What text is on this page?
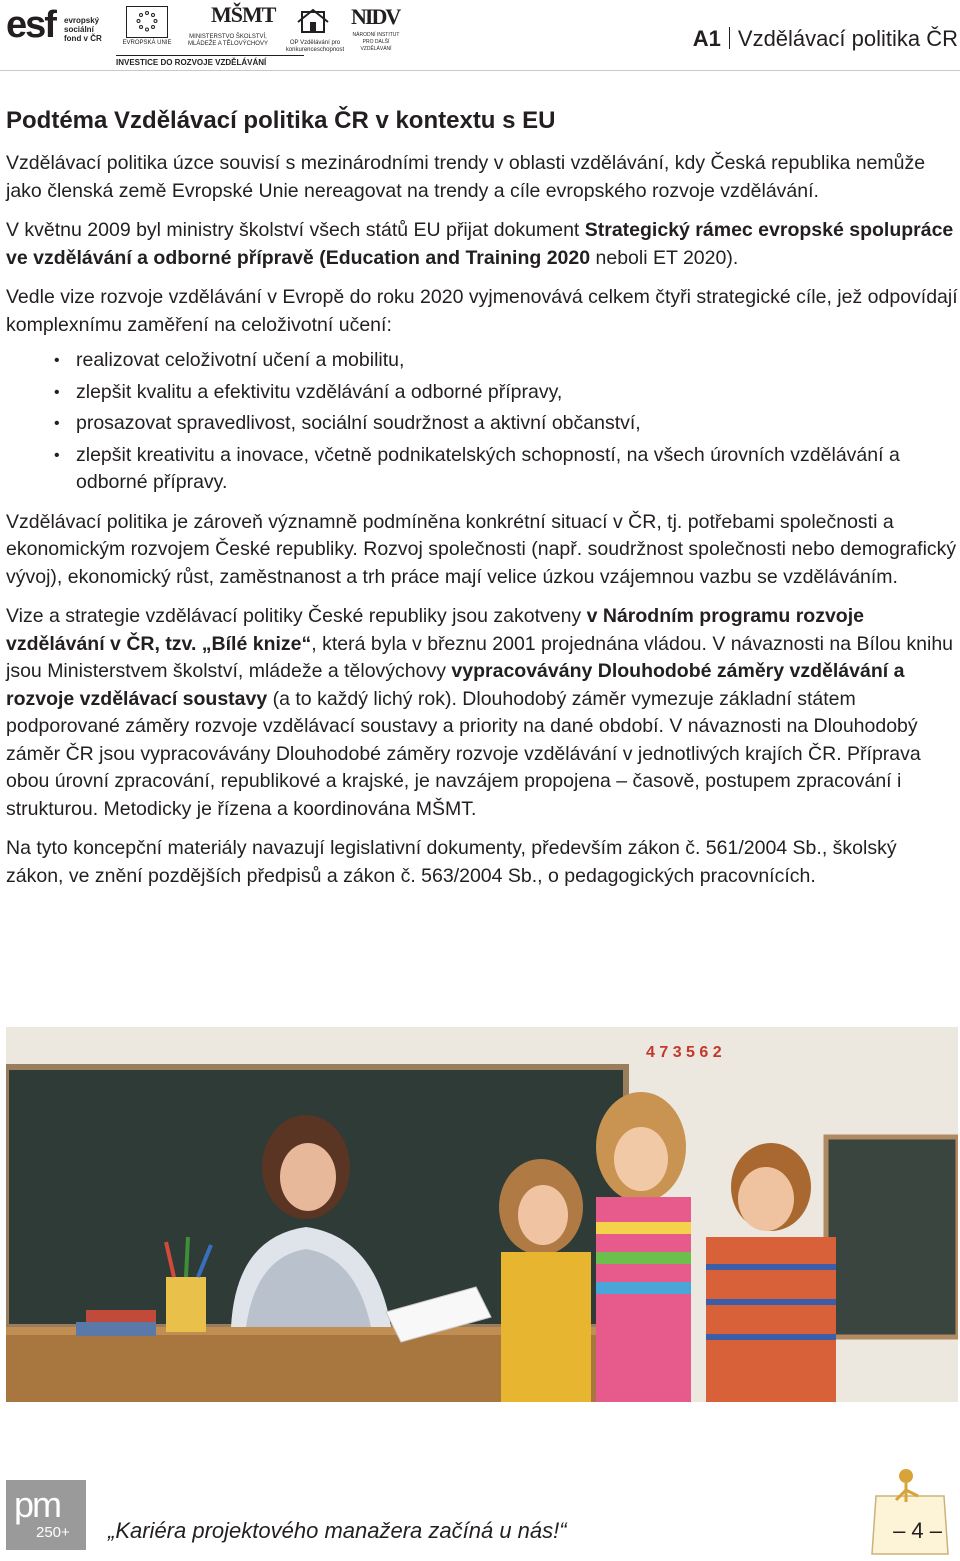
esf evropský sociální fond v ČR	EVROPSKÁ UNIE
MŠMT
MINISTERSTVO ŠKOLSTVÍ, MLÁDEŽE A TĚLOVÝCHOVY	OP Vzdělávání pro konkurenceschopnost
NIDV
NÁRODNÍ INSTITUT PRO DALŠÍ VZDĚLÁVÁNÍ
INVESTICE DO ROZVOJE VZDĚLÁVÁNÍ
A1 Vzdělávací politika ČR
Podtéma Vzdělávací politika ČR v kontextu s EU

Vzdělávací politika úzce souvisí s mezinárodními trendy v oblasti vzdělávání, kdy Česká republika nemůže jako členská země Evropské Unie nereagovat na trendy a cíle evropského rozvoje vzdělávání.

V květnu 2009 byl ministry školství všech států EU přijat dokument Strategický rámec evropské spolupráce ve vzdělávání a odborné přípravě (Education and Training 2020 neboli ET 2020).

Vedle vize rozvoje vzdělávání v Evropě do roku 2020 vyjmenovává celkem čtyři strategické cíle, jež odpovídají komplexnímu zaměření na celoživotní učení:

• realizovat celoživotní učení a mobilitu,
• zlepšit kvalitu a efektivitu vzdělávání a odborné přípravy,
• prosazovat spravedlivost, sociální soudržnost a aktivní občanství,
• zlepšit kreativitu a inovace, včetně podnikatelských schopností, na všech úrovních vzdělávání a odborné přípravy.

Vzdělávací politika je zároveň významně podmíněna konkrétní situací v ČR, tj. potřebami společnosti a ekonomickým rozvojem České republiky. Rozvoj společnosti (např. soudržnost společnosti nebo demografický vývoj), ekonomický růst, zaměstnanost a trh práce mají velice úzkou vzájemnou vazbu se vzděláváním.

Vize a strategie vzdělávací politiky České republiky jsou zakotveny v Národním programu rozvoje vzdělávání v ČR, tzv. „Bílé knize“, která byla v březnu 2001 projednána vládou. V návaznosti na Bílou knihu jsou Ministerstvem školství, mládeže a tělovýchovy vypracovávány Dlouhodobé záměry vzdělávání a rozvoje vzdělávací soustavy (a to každý lichý rok). Dlouhodobý záměr vymezuje základní státem podporované záměry rozvoje vzdělávací soustavy a priority na dané období. V návaznosti na Dlouhodobý záměr ČR jsou vypracovávány Dlouhodobé záměry rozvoje vzdělávání v jednotlivých krajích ČR. Příprava obou úrovní zpracování, republikové a krajské, je navzájem propojena – časově, postupem zpracování i strukturou. Metodicky je řízena a koordinována MŠMT.

Na tyto koncepční materiály navazují legislativní dokumenty, především zákon č. 561/2004 Sb., školský zákon, ve znění pozdějších předpisů a zákon č. 563/2004 Sb., o pedagogických pracovnících.

4 7 3 5 6 2
pm
250+ „Kariéra projektového manažera začíná u nás!“	– 4 –
